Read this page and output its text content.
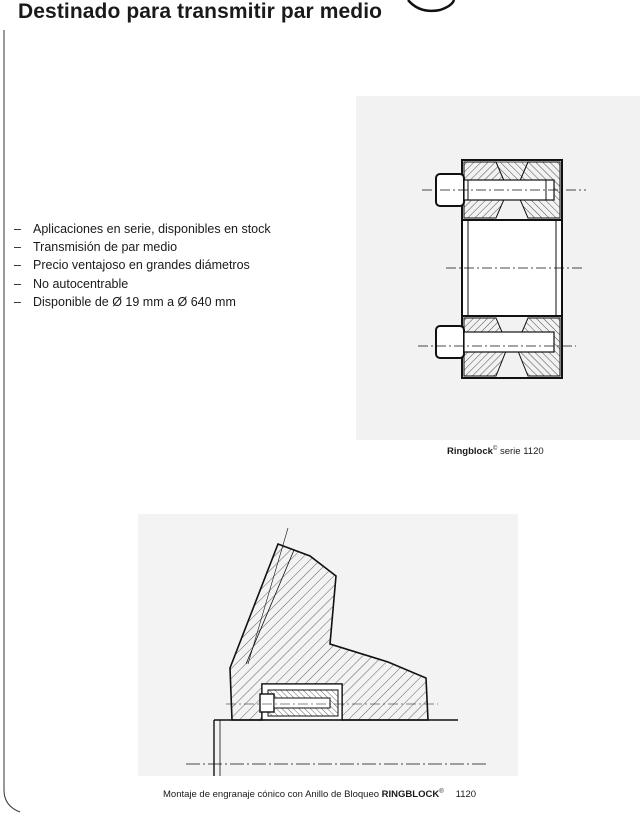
Destinado para transmitir par medio
– Aplicaciones en serie, disponibles en stock
– Transmisión de par medio
– Precio ventajoso en grandes diámetros
– No autocentrable
– Disponible de Ø 19 mm a Ø 640 mm
Ringblock© serie 1120
Montaje de engranaje cónico con Anillo de Bloqueo RINGBLOCK® 1120
